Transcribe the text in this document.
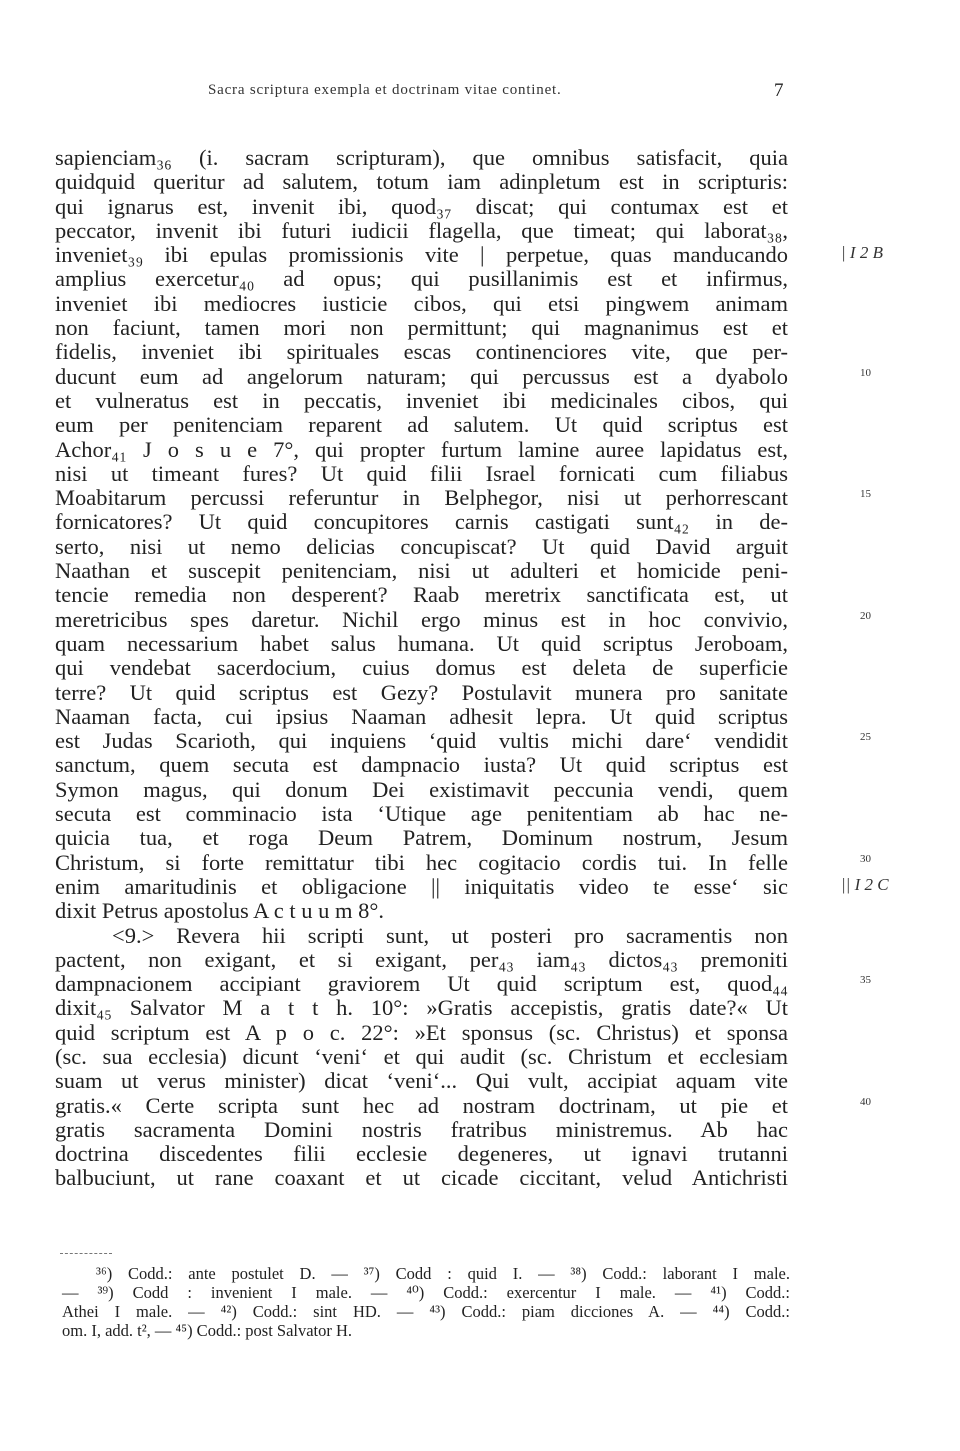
Sacra scriptura exempla et doctrinam vitae continet.	7
sapienciam₃₆ (i. sacram scripturam), que omnibus satisfacit, quia
quidquid queritur ad salutem, totum iam adinpletum est in scripturis:
qui ignarus est, invenit ibi, quod₃₇ discat; qui contumax est et
peccator, invenit ibi futuri iudicii flagella, que timeat; qui laborat₃₈,
inveniet₃₉ ibi epulas promissionis vite | perpetue, quas manducando	| I 2 B
amplius exercetur₄₀ ad opus; qui pusillanimis est et infirmus,
inveniet ibi mediocres iusticie cibos, qui etsi pingwem animam
non faciunt, tamen mori non permittunt; qui magnanimus est et
fidelis, inveniet ibi spirituales escas continenciores vite, que per-
ducunt eum ad angelorum naturam; qui percussus est a dyabolo	10
et vulneratus est in peccatis, inveniet ibi medicinales cibos, qui
eum per penitenciam reparent ad salutem. Ut quid scriptus est
Achor₄₁ J o s u e 7°, qui propter furtum lamine auree lapidatus est,
nisi ut timeant fures? Ut quid filii Israel fornicati cum filiabus
Moabitarum percussi referuntur in Belphegor, nisi ut perhorrescant	15
fornicatores? Ut quid concupitores carnis castigati sunt₄₂ in de-
serto, nisi ut nemo delicias concupiscat? Ut quid David arguit
Naathan et suscepit penitenciam, nisi ut adulteri et homicide peni-
tencie remedia non desperent? Raab meretrix sanctificata est, ut
meretricibus spes daretur. Nichil ergo minus est in hoc convivio,	20
quam necessarium habet salus humana. Ut quid scriptus Jeroboam,
qui vendebat sacerdocium, cuius domus est deleta de superficie
terre? Ut quid scriptus est Gezy? Postulavit munera pro sanitate
Naaman facta, cui ipsius Naaman adhesit lepra. Ut quid scriptus
est Judas Scarioth, qui inquiens ‘quid vultis michi dare‘ vendidit	25
sanctum, quem secuta est dampnacio iusta? Ut quid scriptus est
Symon magus, qui donum Dei existimavit peccunia vendi, quem
secuta est comminacio ista ‘Utique age penitentiam ab hac ne-
quicia tua, et roga Deum Patrem, Dominum nostrum, Jesum
Christum, si forte remittatur tibi hec cogitacio cordis tui. In felle	30
enim amaritudinis et obligacione || iniquitatis video te esse‘ sic	|| I 2 C
dixit Petrus apostolus A c t u u m 8°.
<9.> Revera hii scripti sunt, ut posteri pro sacramentis non
pactent, non exigant, et si exigant, per₄₃ iam₄₃ dictos₄₃ premoniti
dampnacionem accipiant graviorem Ut quid scriptum est, quod₄₄	35
dixit₄₅ Salvator M a t t h. 10°: »Gratis accepistis, gratis date?« Ut
quid scriptum est A p o c. 22°: »Et sponsus (sc. Christus) et sponsa
(sc. sua ecclesia) dicunt ‘veni‘ et qui audit (sc. Christum et ecclesiam
suam ut verus minister) dicat ‘veni‘... Qui vult, accipiat aquam vite
gratis.« Certe scripta sunt hec ad nostram doctrinam, ut pie et	40
gratis sacramenta Domini nostris fratribus ministremus. Ab hac
doctrina discedentes filii ecclesie degeneres, ut ignavi trutanni
balbuciunt, ut rane coaxant et ut cicade ciccitant, velud Antichristi
³⁶) Codd.: ante postulet D. — ³⁷) Codd : quid I. — ³⁸) Codd.: laborant I male.
— ³⁹) Codd : invenient I male. — ⁴⁰) Codd.: exercentur I male. — ⁴¹) Codd.:
Athei I male. — ⁴²) Codd.: sint HD. — ⁴³) Codd.: piam dicciones A. — ⁴⁴) Codd.:
om. I, add. t², — ⁴⁵) Codd.: post Salvator H.
